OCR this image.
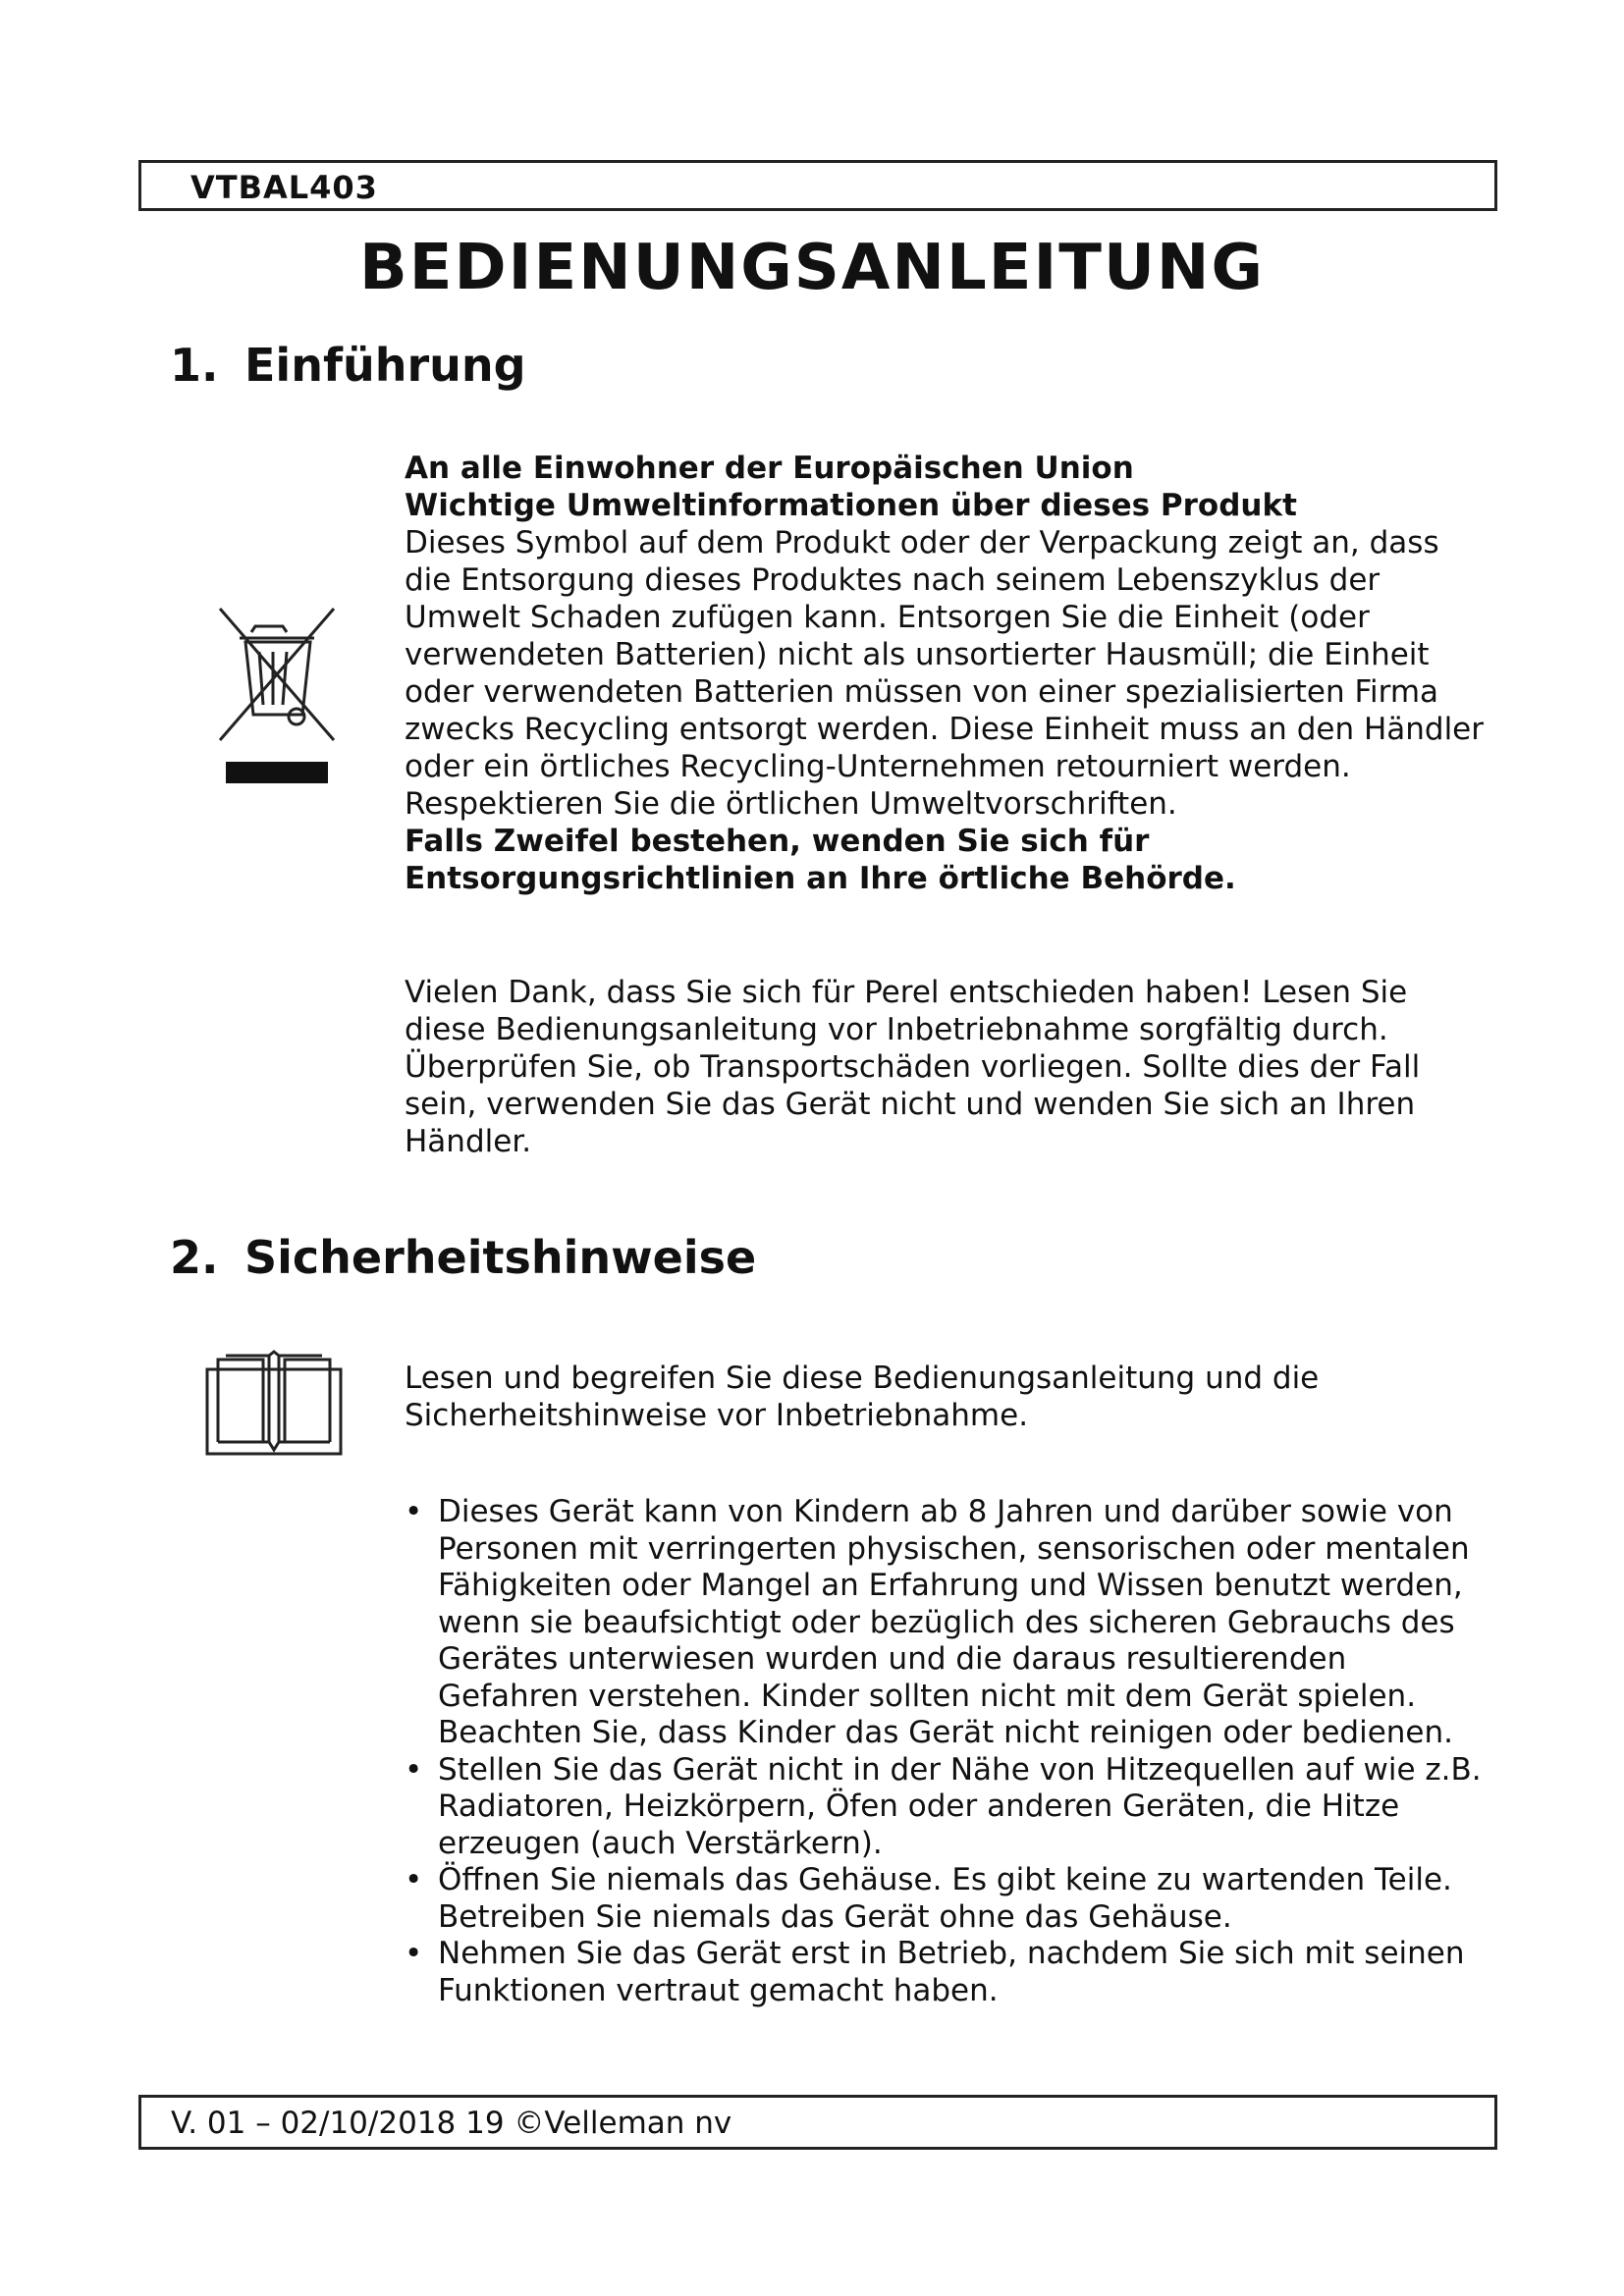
VTBAL403
BEDIENUNGSANLEITUNG
1. Einführung

An alle Einwohner der Europäischen Union

Wichtige Umweltinformationen über dieses Produkt

Dieses Symbol auf dem Produkt oder der Verpackung zeigt an, dass die Entsorgung dieses Produktes nach seinem Lebenszyklus der Umwelt Schaden zufügen kann. Entsorgen Sie die Einheit (oder verwendeten Batterien) nicht als unsortierter Hausmüll; die Einheit oder verwendeten Batterien müssen von einer spezialisierten Firma zwecks Recycling entsorgt werden. Diese Einheit muss an den Händler oder ein örtliches Recycling-Unternehmen retourniert werden. Respektieren Sie die örtlichen Umweltvorschriften.

Falls Zweifel bestehen, wenden Sie sich für Entsorgungsrichtlinien an Ihre örtliche Behörde.

Vielen Dank, dass Sie sich für Perel entschieden haben! Lesen Sie diese Bedienungsanleitung vor Inbetriebnahme sorgfältig durch. Überprüfen Sie, ob Transportschäden vorliegen. Sollte dies der Fall sein, verwenden Sie das Gerät nicht und wenden Sie sich an Ihren Händler.

2. Sicherheitshinweise

Lesen und begreifen Sie diese Bedienungsanleitung und die Sicherheitshinweise vor Inbetriebnahme.

• Dieses Gerät kann von Kindern ab 8 Jahren und darüber sowie von Personen mit verringerten physischen, sensorischen oder mentalen Fähigkeiten oder Mangel an Erfahrung und Wissen benutzt werden, wenn sie beaufsichtigt oder bezüglich des sicheren Gebrauchs des Gerätes unterwiesen wurden und die daraus resultierenden Gefahren verstehen. Kinder sollten nicht mit dem Gerät spielen. Beachten Sie, dass Kinder das Gerät nicht reinigen oder bedienen.
• Stellen Sie das Gerät nicht in der Nähe von Hitzequellen auf wie z.B. Radiatoren, Heizkörpern, Öfen oder anderen Geräten, die Hitze erzeugen (auch Verstärkern).
• Öffnen Sie niemals das Gehäuse. Es gibt keine zu wartenden Teile. Betreiben Sie niemals das Gerät ohne das Gehäuse.
• Nehmen Sie das Gerät erst in Betrieb, nachdem Sie sich mit seinen Funktionen vertraut gemacht haben.
V. 01 – 02/10/2018 19 ©Velleman nv
